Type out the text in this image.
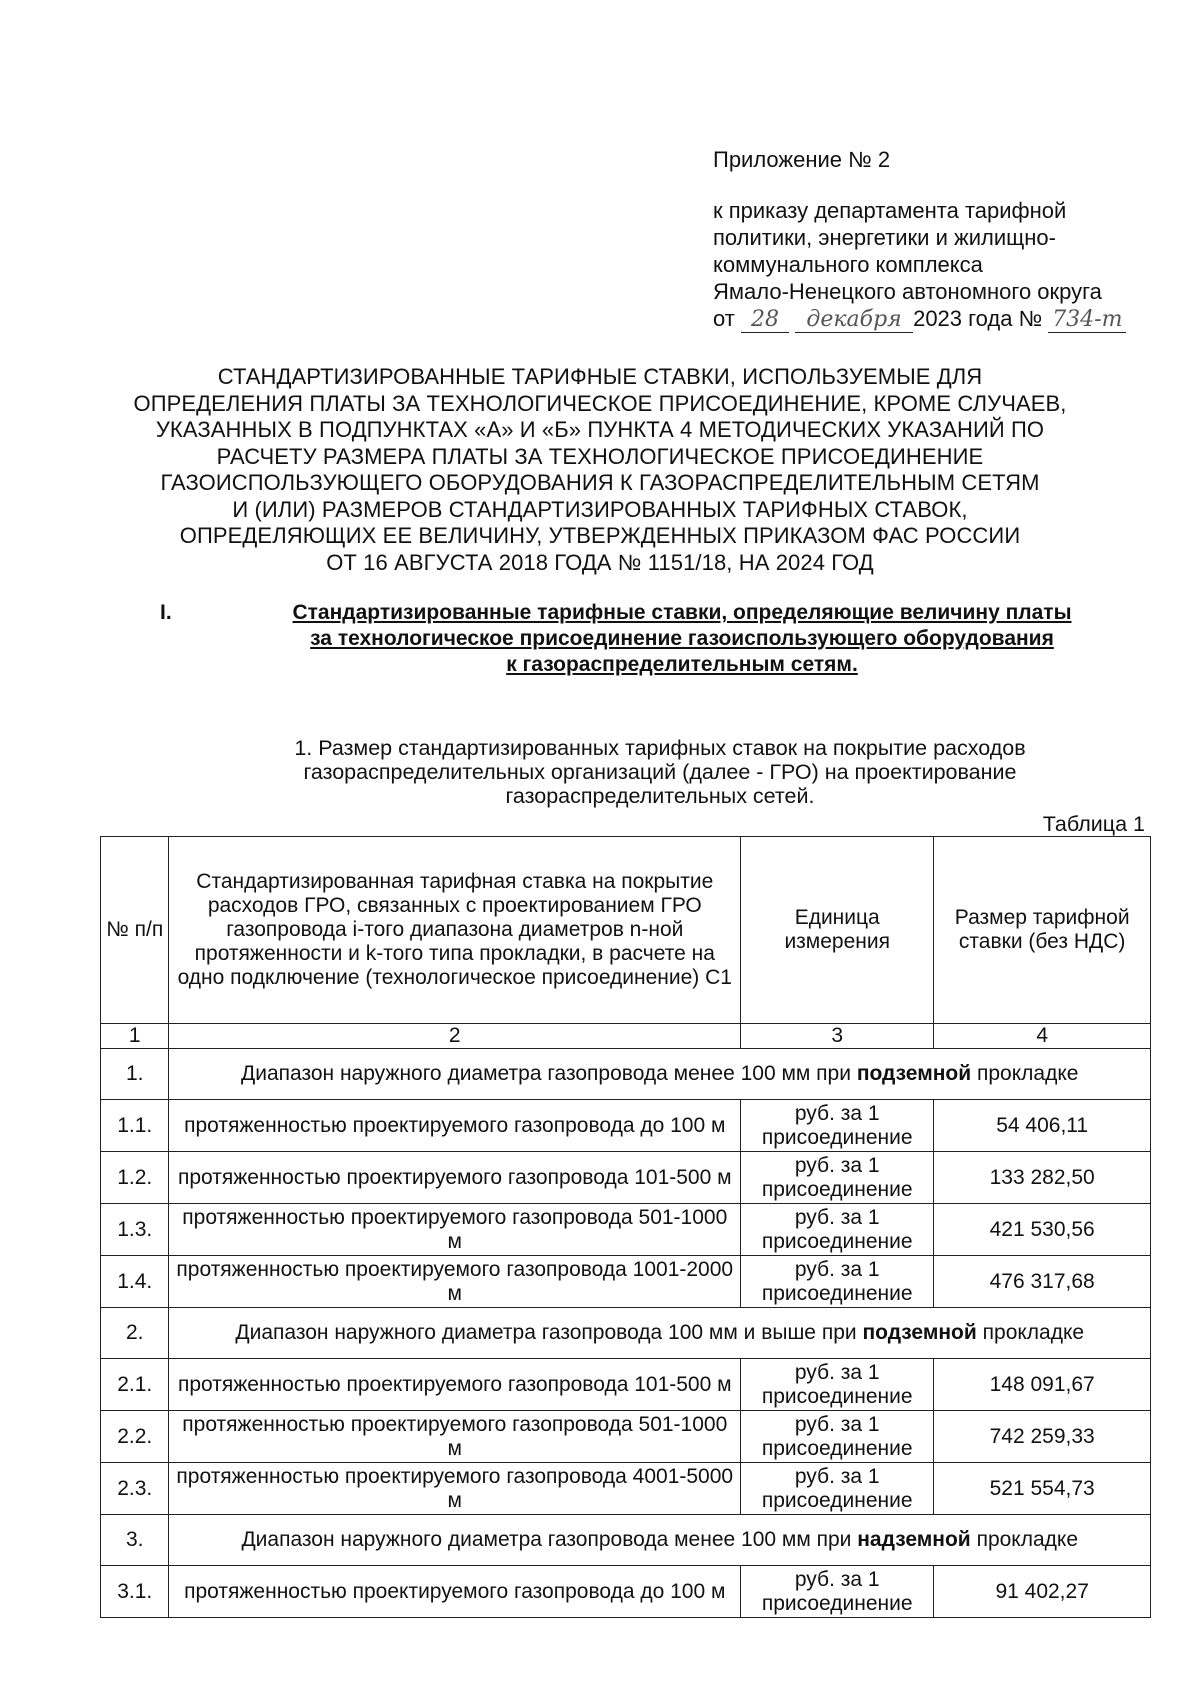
Приложение № 2
к приказу департамента тарифной
политики, энергетики и жилищно-
коммунального комплекса
Ямало-Ненецкого автономного округа
от 28 декабря 2023 года № 734-т
СТАНДАРТИЗИРОВАННЫЕ ТАРИФНЫЕ СТАВКИ, ИСПОЛЬЗУЕМЫЕ ДЛЯ
ОПРЕДЕЛЕНИЯ ПЛАТЫ ЗА ТЕХНОЛОГИЧЕСКОЕ ПРИСОЕДИНЕНИЕ, КРОМЕ СЛУЧАЕВ,
УКАЗАННЫХ В ПОДПУНКТАХ «А» И «Б» ПУНКТА 4 МЕТОДИЧЕСКИХ УКАЗАНИЙ ПО
РАСЧЕТУ РАЗМЕРА ПЛАТЫ ЗА ТЕХНОЛОГИЧЕСКОЕ ПРИСОЕДИНЕНИЕ
ГАЗОИСПОЛЬЗУЮЩЕГО ОБОРУДОВАНИЯ К ГАЗОРАСПРЕДЕЛИТЕЛЬНЫМ СЕТЯМ
И (ИЛИ) РАЗМЕРОВ СТАНДАРТИЗИРОВАННЫХ ТАРИФНЫХ СТАВОК,
ОПРЕДЕЛЯЮЩИХ ЕЕ ВЕЛИЧИНУ, УТВЕРЖДЕННЫХ ПРИКАЗОМ ФАС РОССИИ
ОТ 16 АВГУСТА 2018 ГОДА № 1151/18, НА 2024 ГОД
I.	Стандартизированные тарифные ставки, определяющие величину платы
за технологическое присоединение газоиспользующего оборудования
к газораспределительным сетям.
1. Размер стандартизированных тарифных ставок на покрытие расходов
газораспределительных организаций (далее - ГРО) на проектирование
газораспределительных сетей.
Таблица 1
№ п/п	Стандартизированная тарифная ставка на покрытие расходов ГРО, связанных с проектированием ГРО газопровода i-того диапазона диаметров n-ной протяженности и k-того типа прокладки, в расчете на одно подключение (технологическое присоединение) С1	Единица измерения	Размер тарифной ставки (без НДС)
1	2	3	4
1.	Диапазон наружного диаметра газопровода менее 100 мм при подземной прокладке		
1.1.	протяженностью проектируемого газопровода до 100 м	руб. за 1 присоединение	54 406,11
1.2.	протяженностью проектируемого газопровода 101-500 м	руб. за 1 присоединение	133 282,50
1.3.	протяженностью проектируемого газопровода 501-1000 м	руб. за 1 присоединение	421 530,56
1.4.	протяженностью проектируемого газопровода 1001-2000 м	руб. за 1 присоединение	476 317,68
2.	Диапазон наружного диаметра газопровода 100 мм и выше при подземной прокладке		
2.1.	протяженностью проектируемого газопровода 101-500 м	руб. за 1 присоединение	148 091,67
2.2.	протяженностью проектируемого газопровода 501-1000 м	руб. за 1 присоединение	742 259,33
2.3.	протяженностью проектируемого газопровода 4001-5000 м	руб. за 1 присоединение	521 554,73
3.	Диапазон наружного диаметра газопровода менее 100 мм при надземной прокладке		
3.1.	протяженностью проектируемого газопровода до 100 м	руб. за 1 присоединение	91 402,27
